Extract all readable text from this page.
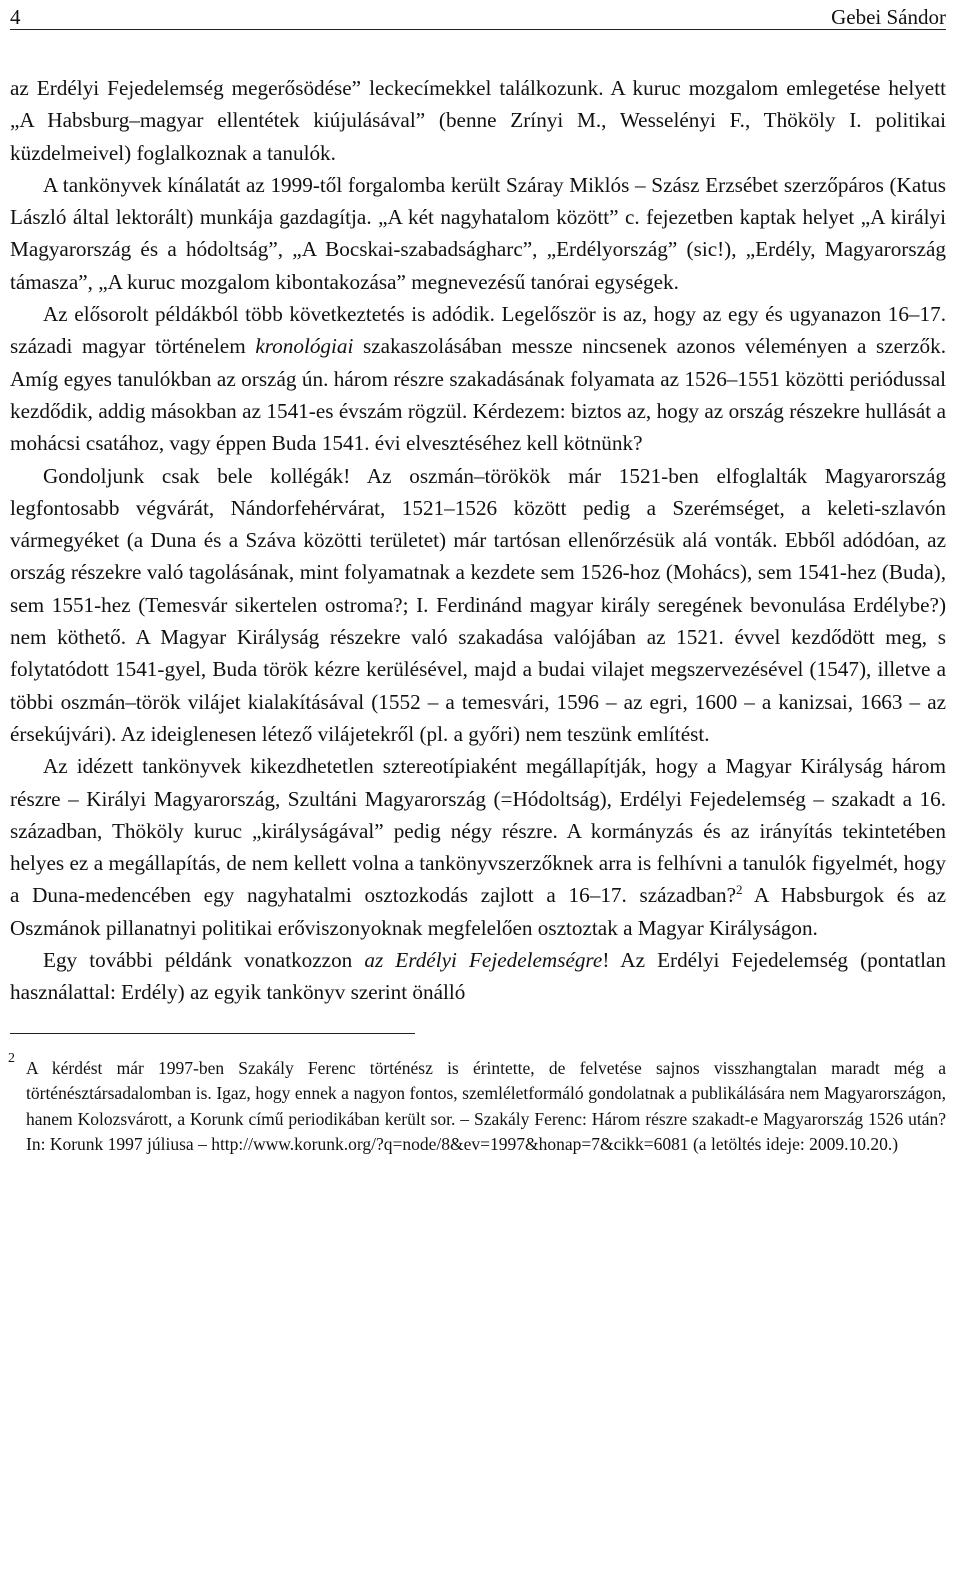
4	Gebei Sándor

az Erdélyi Fejedelemség megerősödése” leckecímekkel találkozunk. A kuruc mozgalom emlegetése helyett „A Habsburg–magyar ellentétek kiújulásával” (benne Zrínyi M., Wesselényi F., Thököly I. politikai küzdelmeivel) foglalkoznak a tanulók.

A tankönyvek kínálatát az 1999-től forgalomba került Száray Miklós – Szász Erzsébet szerzőpáros (Katus László által lektorált) munkája gazdagítja. „A két nagyhatalom között” c. fejezetben kaptak helyet „A királyi Magyarország és a hódoltság”, „A Bocskai-szabadságharc”, „Erdélyország” (sic!), „Erdély, Magyarország támasza”, „A kuruc mozgalom kibontakozása” megnevezésű tanórai egységek.

Az elősorolt példákból több következtetés is adódik. Legelőször is az, hogy az egy és ugyanazon 16–17. századi magyar történelem kronológiai szakaszolásában messze nincsenek azonos véleményen a szerzők. Amíg egyes tanulókban az ország ún. három részre szakadásának folyamata az 1526–1551 közötti periódussal kezdődik, addig másokban az 1541-es évszám rögzül. Kérdezem: biztos az, hogy az ország részekre hullását a mohácsi csatához, vagy éppen Buda 1541. évi elvesztéséhez kell kötnünk?

Gondoljunk csak bele kollégák! Az oszmán–törökök már 1521-ben elfoglalták Magyarország legfontosabb végvárát, Nándorfehérvárat, 1521–1526 között pedig a Szerémséget, a keleti-szlavón vármegyéket (a Duna és a Száva közötti területet) már tartósan ellenőrzésük alá vonták. Ebből adódóan, az ország részekre való tagolásának, mint folyamatnak a kezdete sem 1526-hoz (Mohács), sem 1541-hez (Buda), sem 1551-hez (Temesvár sikertelen ostroma?; I. Ferdinánd magyar király seregének bevonulása Erdélybe?) nem köthető. A Magyar Királyság részekre való szakadása valójában az 1521. évvel kezdődött meg, s folytatódott 1541-gyel, Buda török kézre kerülésével, majd a budai vilajet megszervezésével (1547), illetve a többi oszmán–török viláјet kialakításával (1552 – a temesvári, 1596 – az egri, 1600 – a kanizsai, 1663 – az érsekújvári). Az ideiglenesen létező vilájetekről (pl. a győri) nem teszünk említést.

Az idézett tankönyvek kikezdhetetlen sztereotípiaként megállapítják, hogy a Magyar Királyság három részre – Királyi Magyarország, Szultáni Magyarország (=Hódoltság), Erdélyi Fejedelemség – szakadt a 16. században, Thököly kuruc „királyságával” pedig négy részre. A kormányzás és az irányítás tekintetében helyes ez a megállapítás, de nem kellett volna a tankönyvszerzőknek arra is felhívni a tanulók figyelmét, hogy a Duna-medencében egy nagyhatalmi osztozkodás zajlott a 16–17. században?$^2$ A Habsburgok és az Oszmánok pillanatnyi politikai erőviszonyoknak megfelelően osztoztak a Magyar Királyságon.

Egy további példánk vonatkozzon az Erdélyi Fejedelemségre! Az Erdélyi Fejedelemség (pontatlan használattal: Erdély) az egyik tankönyv szerint önálló

2 A kérdést már 1997-ben Szakály Ferenc történész is érintette, de felvetése sajnos visszhangtalan maradt még a történésztársadalomban is. Igaz, hogy ennek a nagyon fontos, szemléletformáló gondolatnak a publikálására nem Magyarországon, hanem Kolozsvárott, a Korunk című periodikában került sor. – Szakály Ferenc: Három részre szakadt-e Magyarország 1526 után? In: Korunk 1997 júliusa – http://www.korunk.org/?q=node/8&ev=1997&honap=7&cikk=6081 (a letöltés ideje: 2009.10.20.)
